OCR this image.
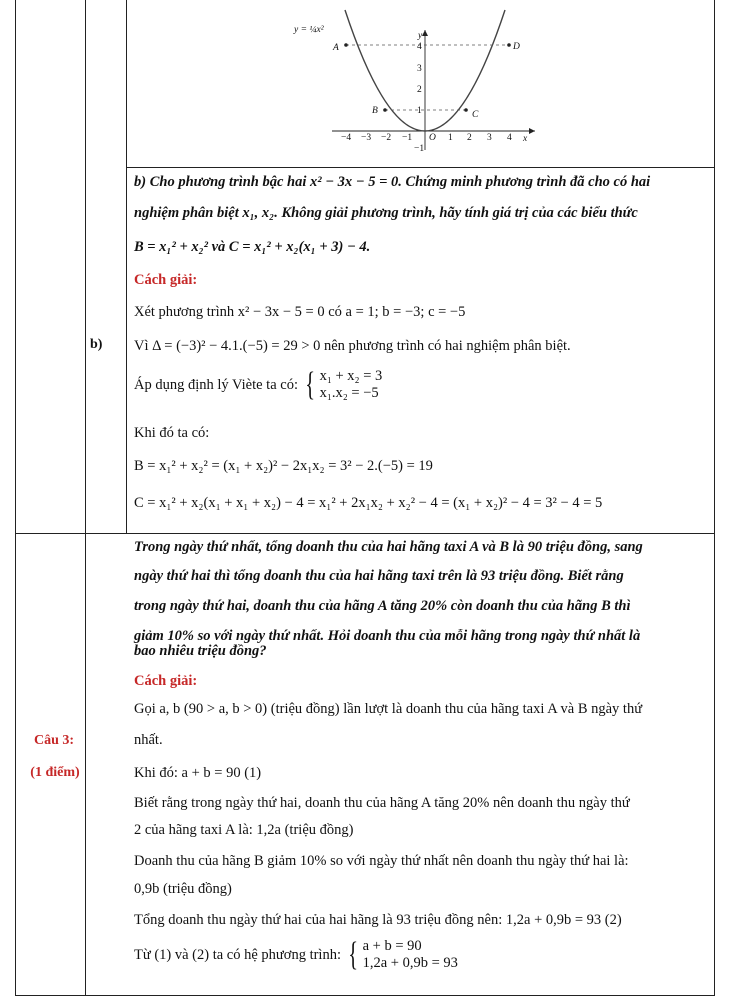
y = ¼x²
A	D
B	C
O	x
y
−4 −3 −2 −1	1 2 3 4
4
3
2
1
−1
b)
b) Cho phương trình bậc hai x² − 3x − 5 = 0. Chứng minh phương trình đã cho có hai
nghiệm phân biệt x₁, x₂. Không giải phương trình, hãy tính giá trị của các biểu thức
B = x₁² + x₂² và C = x₁² + x₂(x₁ + 3) − 4.
Cách giải:
Xét phương trình x² − 3x − 5 = 0 có a = 1; b = −3; c = −5
Vì Δ = (−3)² − 4.1.(−5) = 29 > 0 nên phương trình có hai nghiệm phân biệt.
Áp dụng định lý Viète ta có: { x₁ + x₂ = 3
x₁.x₂ = −5
Khi đó ta có:
B = x₁² + x₂² = (x₁ + x₂)² − 2x₁x₂ = 3² − 2.(−5) = 19
C = x₁² + x₂(x₁ + x₁ + x₂) − 4 = x₁² + 2x₁x₂ + x₂² − 4 = (x₁ + x₂)² − 4 = 3² − 4 = 5
Câu 3:
(1 điểm)
Trong ngày thứ nhất, tổng doanh thu của hai hãng taxi A và B là 90 triệu đồng, sang
ngày thứ hai thì tổng doanh thu của hai hãng taxi trên là 93 triệu đồng. Biết rằng
trong ngày thứ hai, doanh thu của hãng A tăng 20% còn doanh thu của hãng B thì
giảm 10% so với ngày thứ nhất. Hỏi doanh thu của mỗi hãng trong ngày thứ nhất là
bao nhiêu triệu đồng?
Cách giải:
Gọi a, b (90 > a, b > 0) (triệu đồng) lần lượt là doanh thu của hãng taxi A và B ngày thứ
nhất.
Khi đó: a + b = 90 (1)
Biết rằng trong ngày thứ hai, doanh thu của hãng A tăng 20% nên doanh thu ngày thứ
2 của hãng taxi A là: 1,2a (triệu đồng)
Doanh thu của hãng B giảm 10% so với ngày thứ nhất nên doanh thu ngày thứ hai là:
0,9b (triệu đồng)
Tổng doanh thu ngày thứ hai của hai hãng là 93 triệu đồng nên: 1,2a + 0,9b = 93 (2)
Từ (1) và (2) ta có hệ phương trình: { a + b = 90
1,2a + 0,9b = 93
